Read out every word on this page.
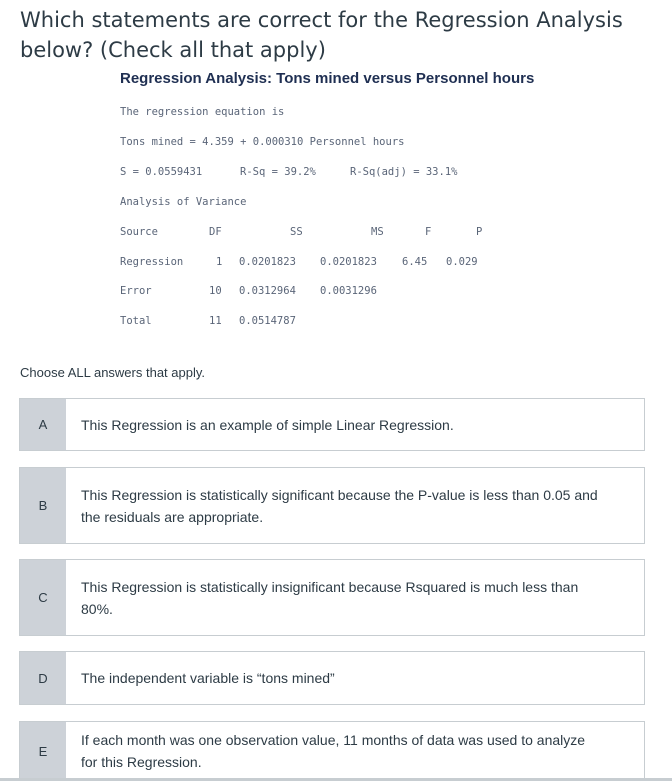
Which statements are correct for the Regression Analysis below? (Check all that apply)
Regression Analysis: Tons mined versus Personnel hours
The regression equation is
Tons mined = 4.359 + 0.000310 Personnel hours
S = 0.0559431	R-Sq = 39.2%	R-Sq(adj) = 33.1%
Analysis of Variance
Source	DF	SS	MS	F	P
Regression	1 0.0201823 0.0201823 6.45 0.029
Error	10 0.0312964 0.0031296
Total	11 0.0514787
Choose ALL answers that apply.
A	This Regression is an example of simple Linear Regression.
B
This Regression is statistically significant because the P-value is less than 0.05 and the residuals are appropriate.
C
This Regression is statistically insignificant because Rsquared is much less than 80%.
D	The independent variable is “tons mined”
E
If each month was one observation value, 11 months of data was used to analyze for this Regression.
